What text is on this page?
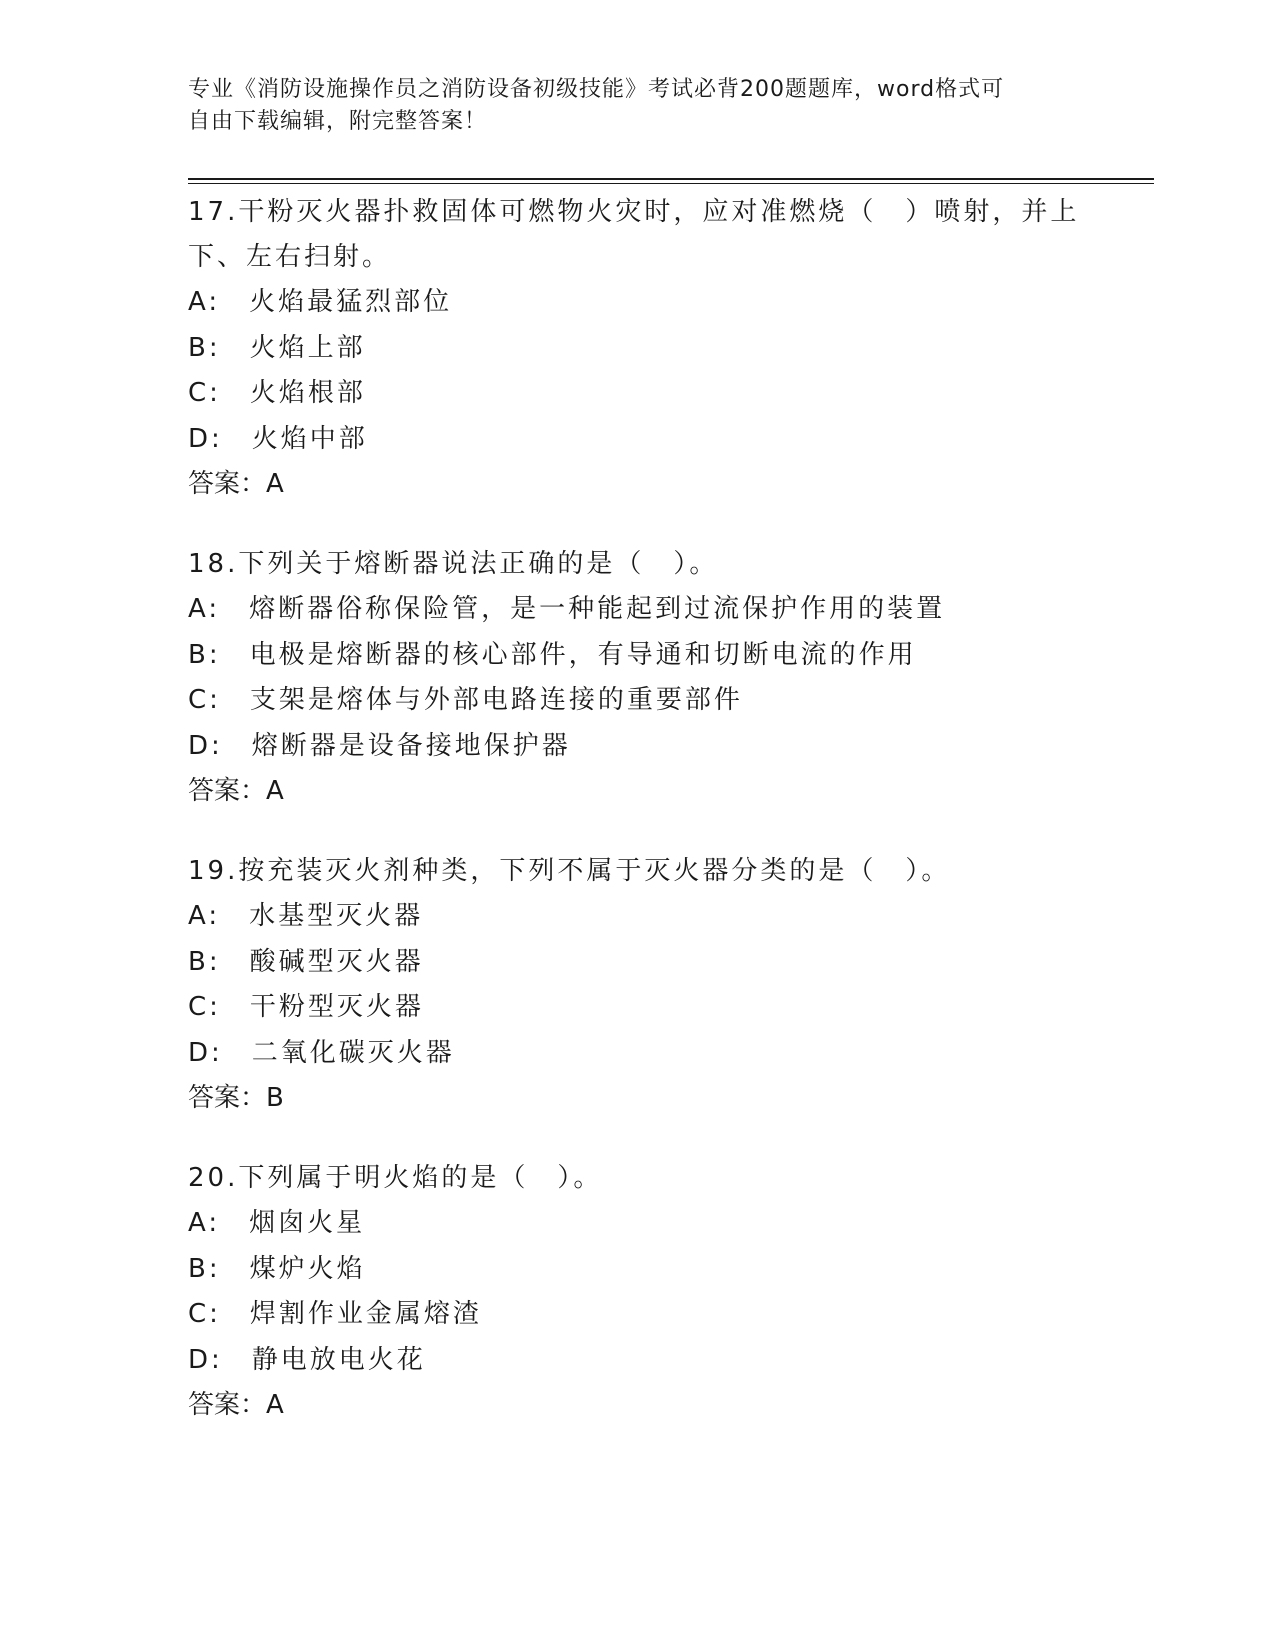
专业《消防设施操作员之消防设备初级技能》考试必背200题题库，word格式可
自由下载编辑，附完整答案！
17.干粉灭火器扑救固体可燃物火灾时，应对准燃烧（　）喷射，并上
下、左右扫射。
A:　火焰最猛烈部位
B:　火焰上部
C:　火焰根部
D:　火焰中部
答案：A
18.下列关于熔断器说法正确的是（　）。
A:　熔断器俗称保险管，是一种能起到过流保护作用的装置
B:　电极是熔断器的核心部件，有导通和切断电流的作用
C:　支架是熔体与外部电路连接的重要部件
D:　熔断器是设备接地保护器
答案：A
19.按充装灭火剂种类，下列不属于灭火器分类的是（　）。
A:　水基型灭火器
B:　酸碱型灭火器
C:　干粉型灭火器
D:　二氧化碳灭火器
答案：B
20.下列属于明火焰的是（　）。
A:　烟囱火星
B:　煤炉火焰
C:　焊割作业金属熔渣
D:　静电放电火花
答案：A
